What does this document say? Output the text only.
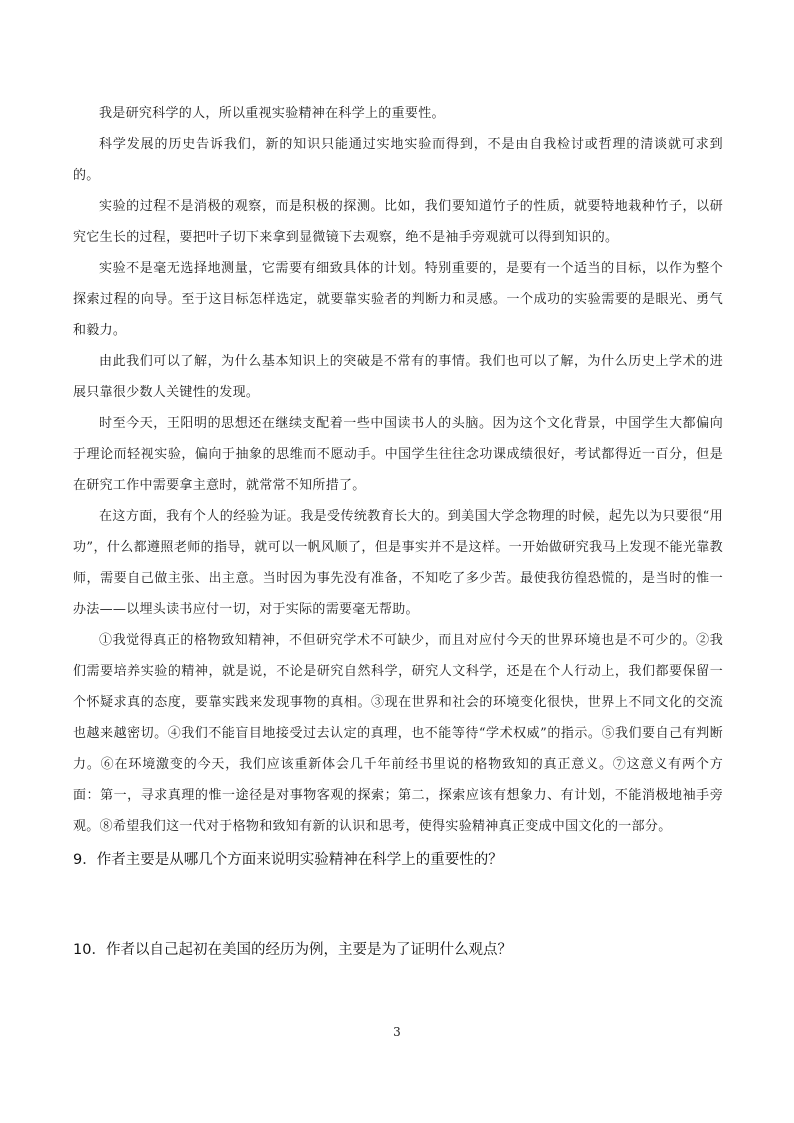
我是研究科学的人，所以重视实验精神在科学上的重要性。

科学发展的历史告诉我们，新的知识只能通过实地实验而得到，不是由自我检讨或哲理的清谈就可求到的。

实验的过程不是消极的观察，而是积极的探测。比如，我们要知道竹子的性质，就要特地栽种竹子，以研究它生长的过程，要把叶子切下来拿到显微镜下去观察，绝不是袖手旁观就可以得到知识的。

实验不是毫无选择地测量，它需要有细致具体的计划。特别重要的，是要有一个适当的目标，以作为整个探索过程的向导。至于这目标怎样选定，就要靠实验者的判断力和灵感。一个成功的实验需要的是眼光、勇气和毅力。

由此我们可以了解，为什么基本知识上的突破是不常有的事情。我们也可以了解，为什么历史上学术的进展只靠很少数人关键性的发现。

时至今天，王阳明的思想还在继续支配着一些中国读书人的头脑。因为这个文化背景，中国学生大都偏向于理论而轻视实验，偏向于抽象的思维而不愿动手。中国学生往往念功课成绩很好，考试都得近一百分，但是在研究工作中需要拿主意时，就常常不知所措了。

在这方面，我有个人的经验为证。我是受传统教育长大的。到美国大学念物理的时候，起先以为只要很“用功”，什么都遵照老师的指导，就可以一帆风顺了，但是事实并不是这样。一开始做研究我马上发现不能光靠教师，需要自己做主张、出主意。当时因为事先没有准备，不知吃了多少苦。最使我彷徨恐慌的，是当时的惟一办法——以埋头读书应付一切，对于实际的需要毫无帮助。

①我觉得真正的格物致知精神，不但研究学术不可缺少，而且对应付今天的世界环境也是不可少的。②我们需要培养实验的精神，就是说，不论是研究自然科学，研究人文科学，还是在个人行动上，我们都要保留一个怀疑求真的态度，要靠实践来发现事物的真相。③现在世界和社会的环境变化很快，世界上不同文化的交流也越来越密切。④我们不能盲目地接受过去认定的真理，也不能等待“学术权威”的指示。⑤我们要自己有判断力。⑥在环境激变的今天，我们应该重新体会几千年前经书里说的格物致知的真正意义。⑦这意义有两个方面：第一，寻求真理的惟一途径是对事物客观的探索；第二，探索应该有想象力、有计划，不能消极地袖手旁观。⑧希望我们这一代对于格物和致知有新的认识和思考，使得实验精神真正变成中国文化的一部分。

9．作者主要是从哪几个方面来说明实验精神在科学上的重要性的？

10．作者以自己起初在美国的经历为例，主要是为了证明什么观点？

3
